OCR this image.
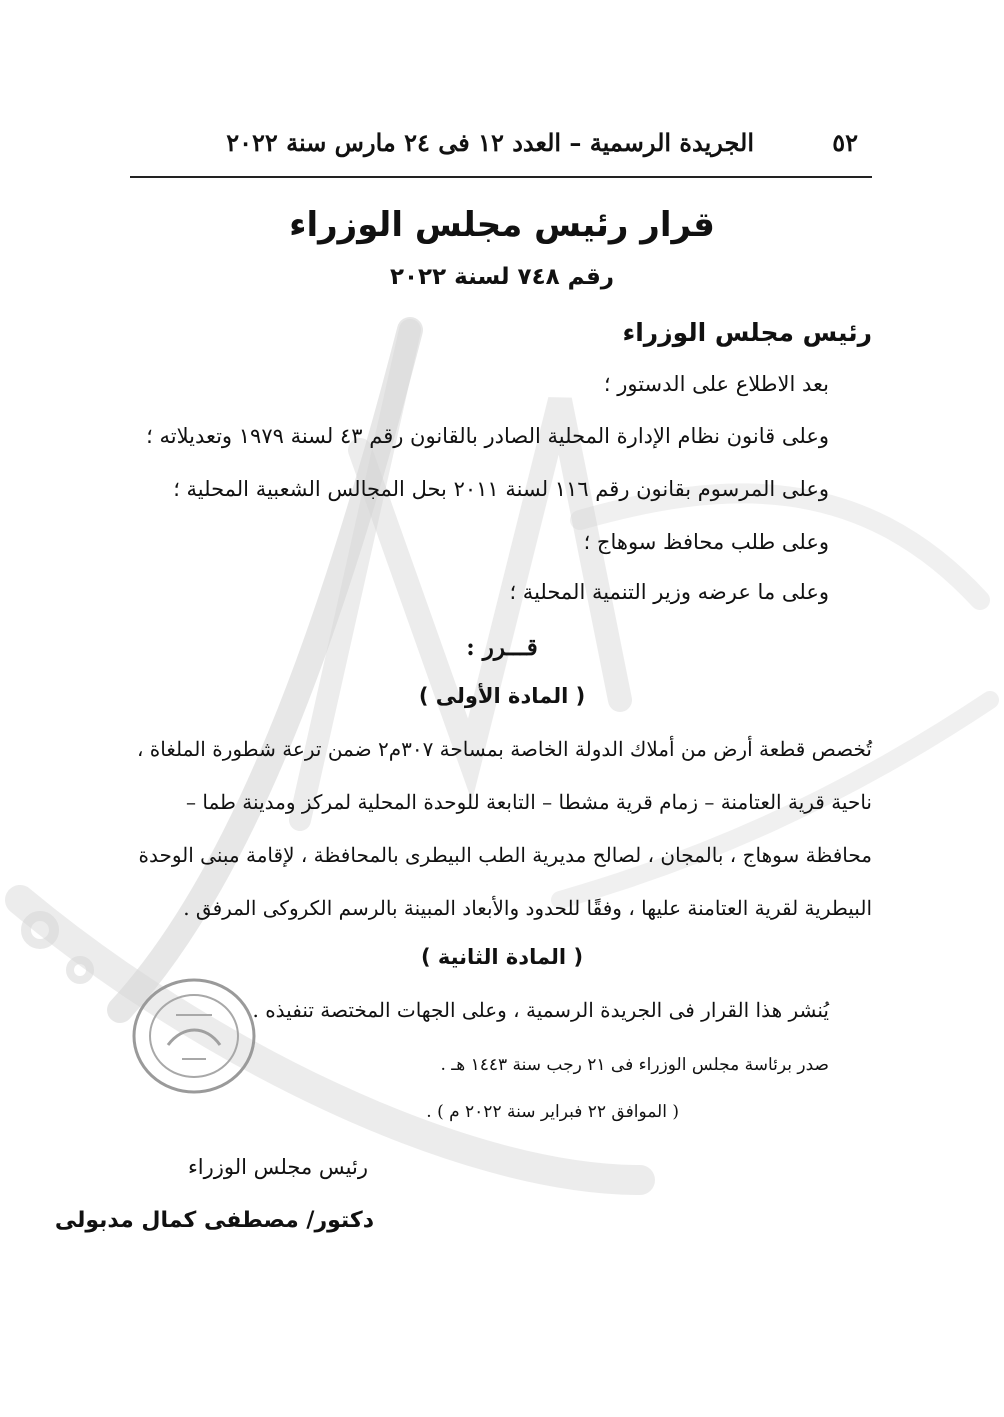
٥٢
الجريدة الرسمية – العدد ١٢ فى ٢٤ مارس سنة ٢٠٢٢
قرار رئيس مجلس الوزراء
رقم ٧٤٨ لسنة ٢٠٢٢
رئيس مجلس الوزراء
بعد الاطلاع على الدستور ؛
وعلى قانون نظام الإدارة المحلية الصادر بالقانون رقم ٤٣ لسنة ١٩٧٩ وتعديلاته ؛
وعلى المرسوم بقانون رقم ١١٦ لسنة ٢٠١١ بحل المجالس الشعبية المحلية ؛
وعلى طلب محافظ سوهاج ؛
وعلى ما عرضه وزير التنمية المحلية ؛
قـــرر :
( المادة الأولى )
تُخصص قطعة أرض من أملاك الدولة الخاصة بمساحة ٣٠٧م٢ ضمن ترعة شطورة الملغاة ،
ناحية قرية العتامنة – زمام قرية مشطا – التابعة للوحدة المحلية لمركز ومدينة طما –
محافظة سوهاج ، بالمجان ، لصالح مديرية الطب البيطرى بالمحافظة ، لإقامة مبنى الوحدة
البيطرية لقرية العتامنة عليها ، وفقًا للحدود والأبعاد المبينة بالرسم الكروكى المرفق .
( المادة الثانية )
يُنشر هذا القرار فى الجريدة الرسمية ، وعلى الجهات المختصة تنفيذه .
صدر برئاسة مجلس الوزراء فى ٢١ رجب سنة ١٤٤٣ هـ .
( الموافق ٢٢ فبراير سنة ٢٠٢٢ م ) .
رئيس مجلس الوزراء
دكتور/ مصطفى كمال مدبولى
